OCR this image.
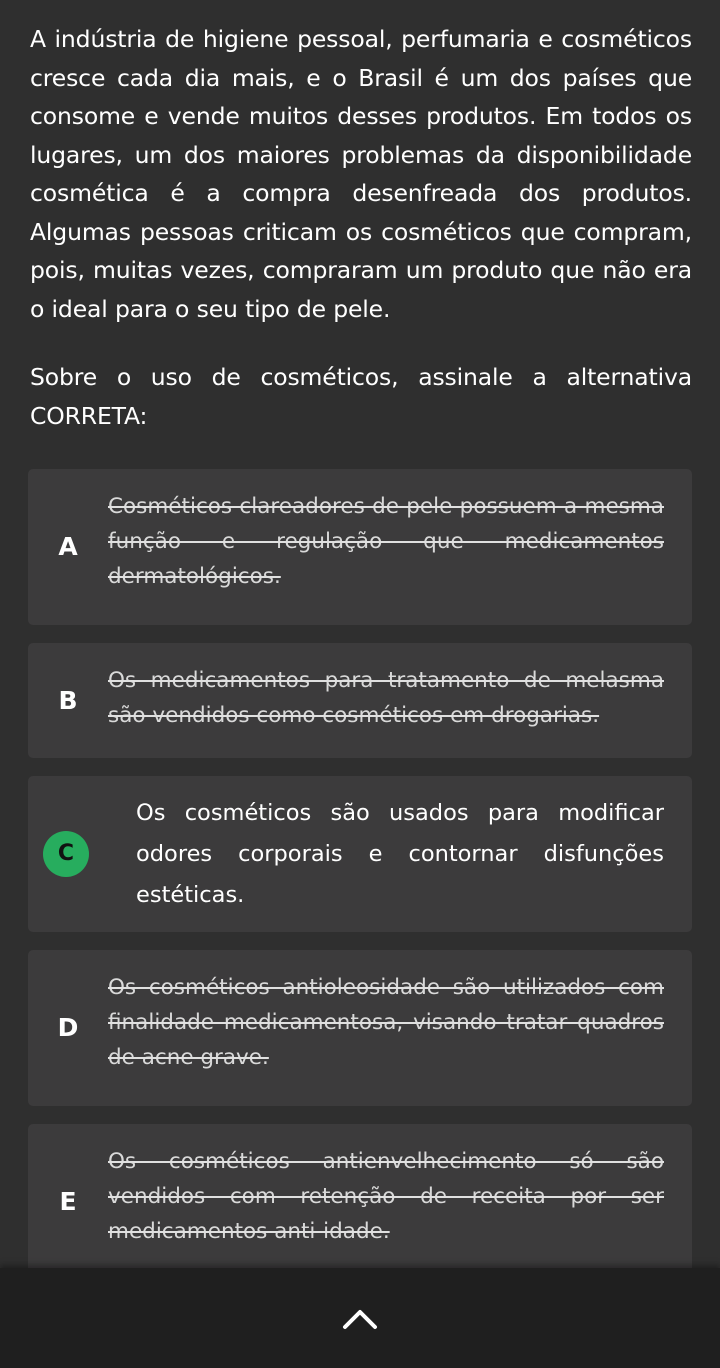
A indústria de higiene pessoal, perfumaria e cosméticos cresce cada dia mais, e o Brasil é um dos países que consome e vende muitos desses produtos. Em todos os lugares, um dos maiores problemas da disponibilidade cosmética é a compra desenfreada dos produtos. Algumas pessoas criticam os cosméticos que compram, pois, muitas vezes, compraram um produto que não era o ideal para o seu tipo de pele.

Sobre o uso de cosméticos, assinale a alternativa CORRETA:

A
Cosméticos clareadores de pele possuem a mesma função e regulação que medicamentos dermatológicos.
B
Os medicamentos para tratamento de melasma são vendidos como cosméticos em drogarias.
C
Os cosméticos são usados para modificar odores corporais e contornar disfunções estéticas.
D
Os cosméticos antioleosidade são utilizados com finalidade medicamentosa, visando tratar quadros de acne grave.
E
Os cosméticos antienvelhecimento só são vendidos com retenção de receita por ser medicamentos anti-idade.
